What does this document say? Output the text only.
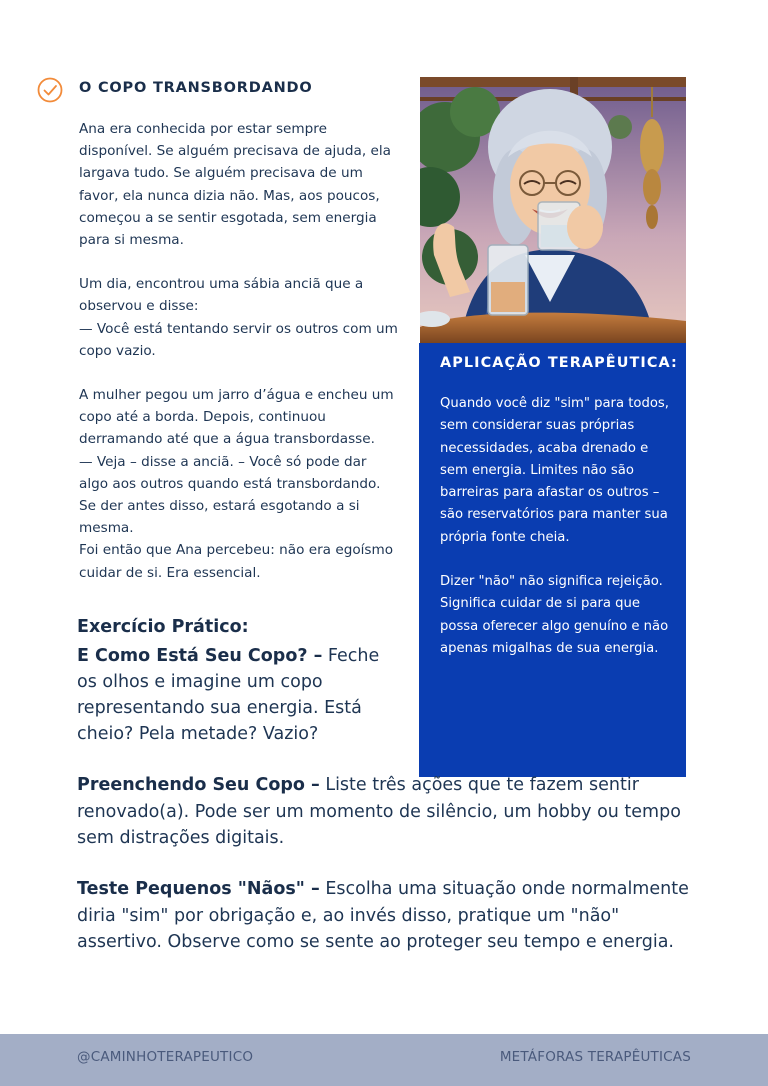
O COPO TRANSBORDANDO

Ana era conhecida por estar sempre disponível. Se alguém precisava de ajuda, ela largava tudo. Se alguém precisava de um favor, ela nunca dizia não. Mas, aos poucos, começou a se sentir esgotada, sem energia para si mesma.

Um dia, encontrou uma sábia anciã que a observou e disse:
— Você está tentando servir os outros com um copo vazio.

A mulher pegou um jarro d’água e encheu um copo até a borda. Depois, continuou derramando até que a água transbordasse.
— Veja – disse a anciã. – Você só pode dar algo aos outros quando está transbordando. Se der antes disso, estará esgotando a si mesma.
Foi então que Ana percebeu: não era egoísmo cuidar de si. Era essencial.

APLICAÇÃO TERAPÊUTICA:

Quando você diz "sim" para todos, sem considerar suas próprias necessidades, acaba drenado e sem energia. Limites não são barreiras para afastar os outros – são reservatórios para manter sua própria fonte cheia.

Dizer "não" não significa rejeição. Significa cuidar de si para que possa oferecer algo genuíno e não apenas migalhas de sua energia.

Exercício Prático:
E Como Está Seu Copo? – Feche os olhos e imagine um copo representando sua energia. Está cheio? Pela metade? Vazio?
Preenchendo Seu Copo – Liste três ações que te fazem sentir renovado(a). Pode ser um momento de silêncio, um hobby ou tempo sem distrações digitais.
Teste Pequenos "Nãos" – Escolha uma situação onde normalmente diria "sim" por obrigação e, ao invés disso, pratique um "não" assertivo. Observe como se sente ao proteger seu tempo e energia.
@CAMINHOTERAPEUTICO	METÁFORAS TERAPÊUTICAS
